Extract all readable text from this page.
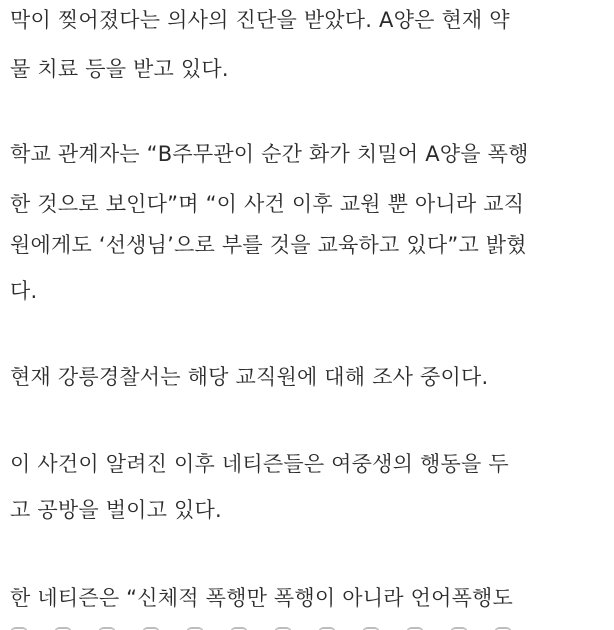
막이 찢어졌다는 의사의 진단을 받았다. A양은 현재 약

물 치료 등을 받고 있다.

학교 관계자는 “B주무관이 순간 화가 치밀어 A양을 폭행

한 것으로 보인다”며 “이 사건 이후 교원 뿐 아니라 교직

원에게도 ‘선생님’으로 부를 것을 교육하고 있다”고 밝혔

다.

현재 강릉경찰서는 해당 교직원에 대해 조사 중이다.

이 사건이 알려진 이후 네티즌들은 여중생의 행동을 두

고 공방을 벌이고 있다.

한 네티즌은 “신체적 폭행만 폭행이 아니라 언어폭행도
